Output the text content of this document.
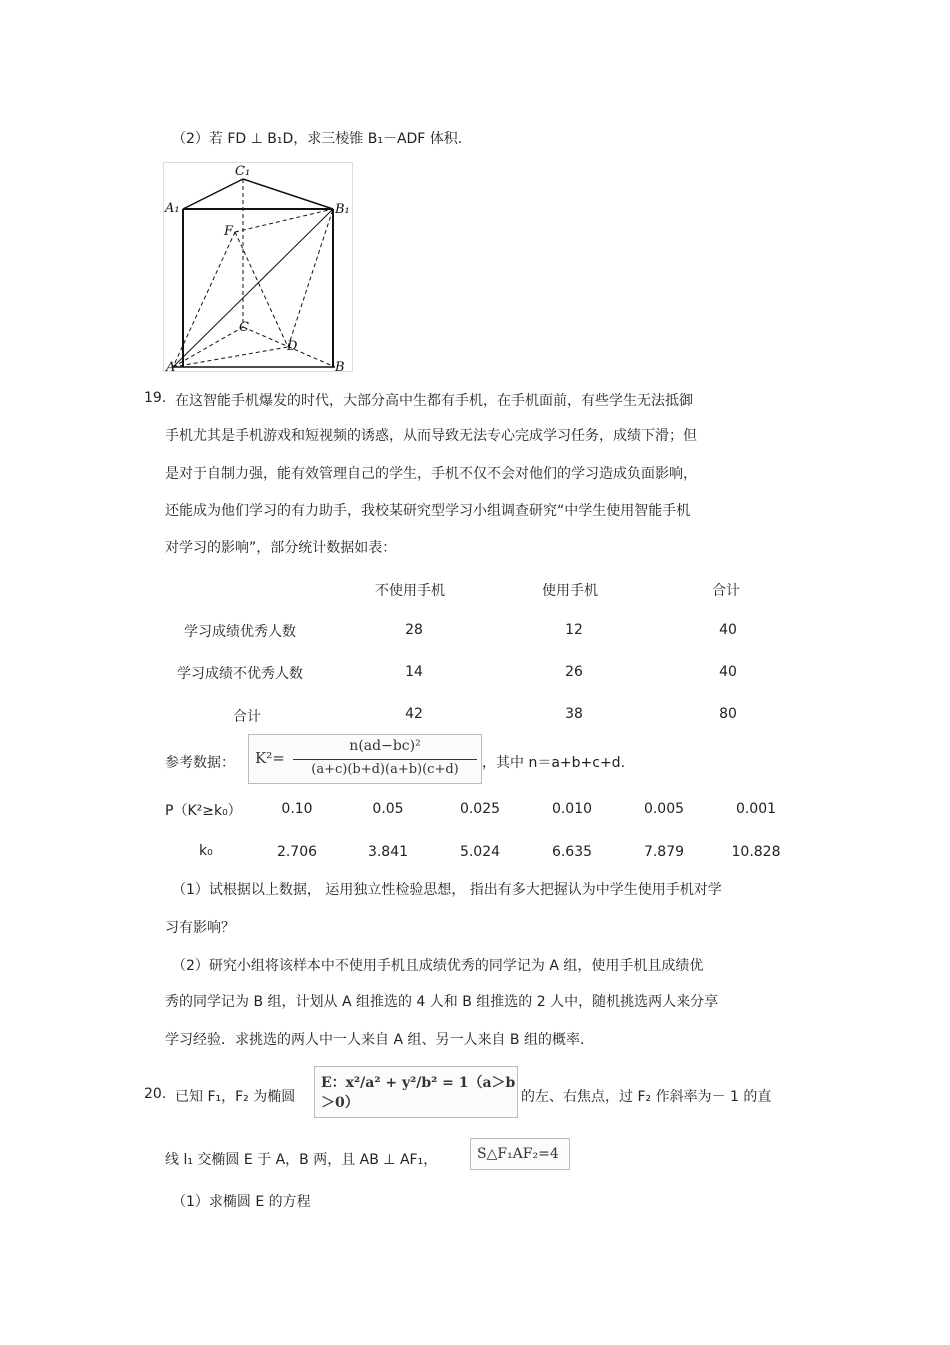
（2）若 FD ⊥ B₁D，求三棱锥 B₁－ADF 体积.
C₁
A₁	B₁
F
C
D
A	B
19. 在这智能手机爆发的时代，大部分高中生都有手机，在手机面前，有些学生无法抵御
手机尤其是手机游戏和短视频的诱惑，从而导致无法专心完成学习任务，成绩下滑；但
是对于自制力强，能有效管理自己的学生，手机不仅不会对他们的学习造成负面影响，
还能成为他们学习的有力助手，我校某研究型学习小组调查研究“中学生使用智能手机
对学习的影响”，部分统计数据如表：
不使用手机	使用手机	合计
学习成绩优秀人数	28	12	40
学习成绩不优秀人数	14	26	40
合计	42	38	80
参考数据： K²=
n(ad−bc)²
(a+c)(b+d)(a+b)(c+d)	，其中 n＝a+b+c+d.
P（K²≥k₀）	0.10	0.05	0.025	0.010	0.005	0.001
k₀	2.706	3.841	5.024	6.635	7.879	10.828
（1）试根据以上数据， 运用独立性检验思想， 指出有多大把握认为中学生使用手机对学
习有影响？
（2）研究小组将该样本中不使用手机且成绩优秀的同学记为 A 组，使用手机且成绩优
秀的同学记为 B 组，计划从 A 组推选的 4 人和 B 组推选的 2 人中，随机挑选两人来分享
学习经验．求挑选的两人中一人来自 A 组、另一人来自 B 组的概率.
20. 已知 F₁，F₂ 为椭圆
E：x²/a² + y²/b² = 1（a＞b＞0）	的左、右焦点，过 F₂ 作斜率为－ 1 的直
线 l₁ 交椭圆 E 于 A，B 两，且 AB ⊥ AF₁，	S△F₁AF₂=4
（1）求椭圆 E 的方程
